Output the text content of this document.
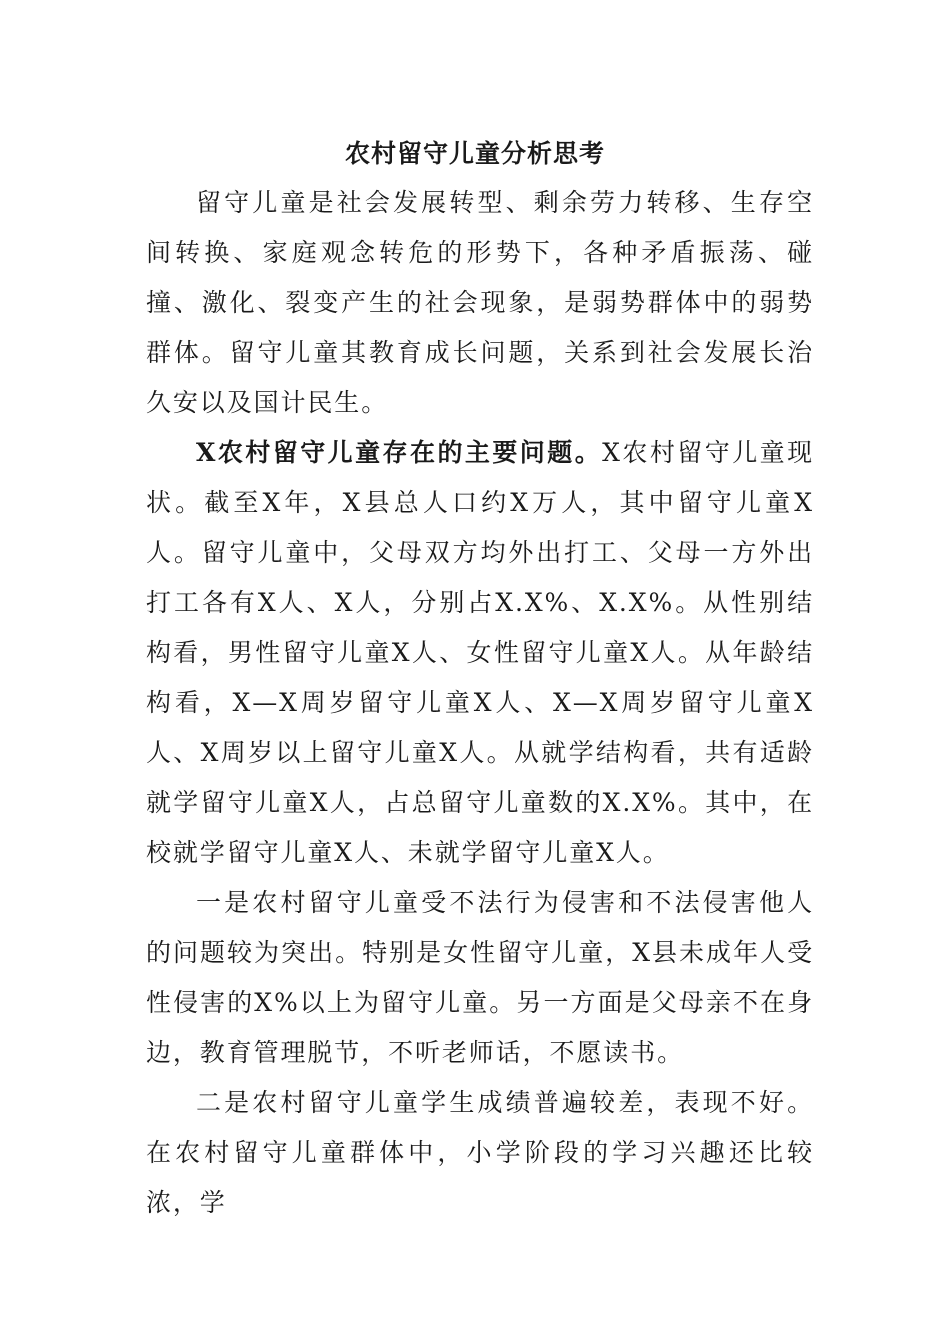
农村留守儿童分析思考

留守儿童是社会发展转型、剩余劳力转移、生存空间转换、家庭观念转危的形势下，各种矛盾振荡、碰撞、激化、裂变产生的社会现象，是弱势群体中的弱势群体。留守儿童其教育成长问题，关系到社会发展长治久安以及国计民生。

X农村留守儿童存在的主要问题。X农村留守儿童现状。截至X年，X县总人口约X万人，其中留守儿童X人。留守儿童中，父母双方均外出打工、父母一方外出打工各有X人、X人，分别占X.X%、X.X%。从性别结构看，男性留守儿童X人、女性留守儿童X人。从年龄结构看，X—X周岁留守儿童X人、X—X周岁留守儿童X人、X周岁以上留守儿童X人。从就学结构看，共有适龄就学留守儿童X人，占总留守儿童数的X.X%。其中，在校就学留守儿童X人、未就学留守儿童X人。

一是农村留守儿童受不法行为侵害和不法侵害他人的问题较为突出。特别是女性留守儿童，X县未成年人受性侵害的X%以上为留守儿童。另一方面是父母亲不在身边，教育管理脱节，不听老师话，不愿读书。

二是农村留守儿童学生成绩普遍较差，表现不好。在农村留守儿童群体中，小学阶段的学习兴趣还比较浓，学
